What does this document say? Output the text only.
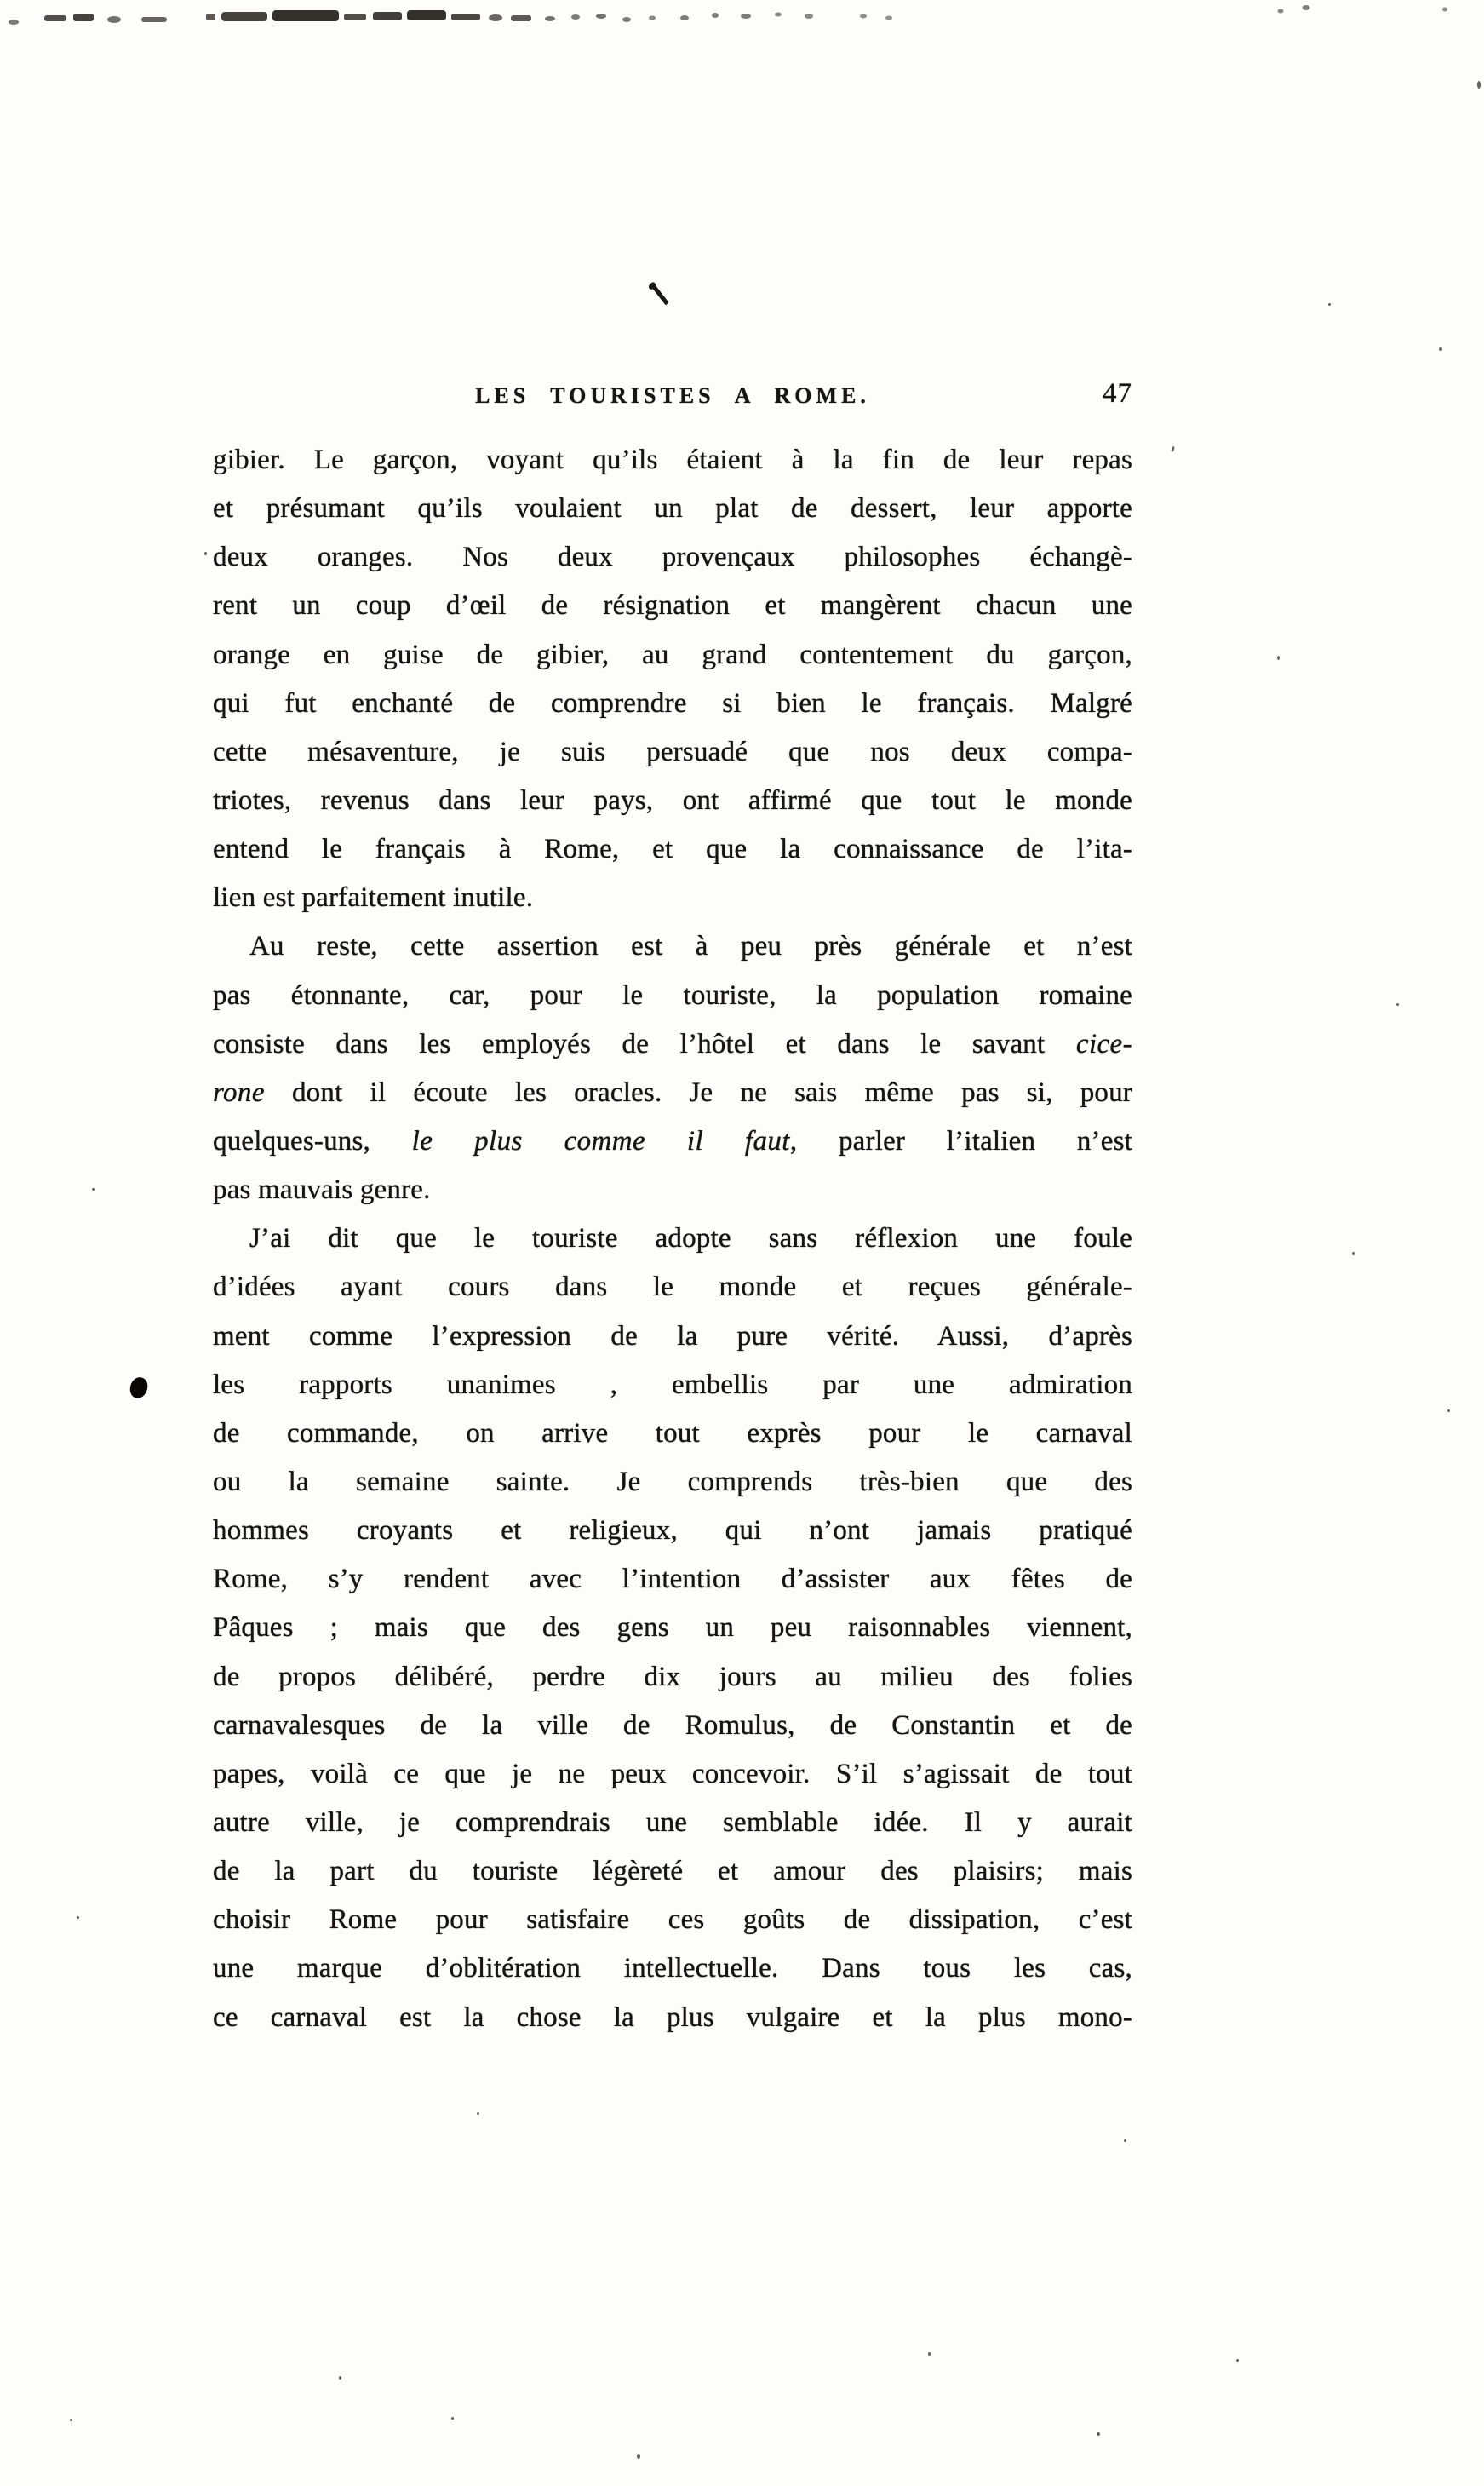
LES TOURISTES A ROME.	47
gibier. Le garçon, voyant qu’ils étaient à la fin de leur repas
et présumant qu’ils voulaient un plat de dessert, leur apporte
deux oranges. Nos deux provençaux philosophes échangè-
rent un coup d’œil de résignation et mangèrent chacun une
orange en guise de gibier, au grand contentement du garçon,
qui fut enchanté de comprendre si bien le français. Malgré
cette mésaventure, je suis persuadé que nos deux compa-
triotes, revenus dans leur pays, ont affirmé que tout le monde
entend le français à Rome, et que la connaissance de l’ita-
lien est parfaitement inutile.
Au reste, cette assertion est à peu près générale et n’est
pas étonnante, car, pour le touriste, la population romaine
consiste dans les employés de l’hôtel et dans le savant cice-
rone dont il écoute les oracles. Je ne sais même pas si, pour
quelques-uns, le plus comme il faut, parler l’italien n’est
pas mauvais genre.
J’ai dit que le touriste adopte sans réflexion une foule
d’idées ayant cours dans le monde et reçues générale-
ment comme l’expression de la pure vérité. Aussi, d’après
les rapports unanimes , embellis par une admiration
de commande, on arrive tout exprès pour le carnaval
ou la semaine sainte. Je comprends très-bien que des
hommes croyants et religieux, qui n’ont jamais pratiqué
Rome, s’y rendent avec l’intention d’assister aux fêtes de
Pâques ; mais que des gens un peu raisonnables viennent,
de propos délibéré, perdre dix jours au milieu des folies
carnavalesques de la ville de Romulus, de Constantin et de
papes, voilà ce que je ne peux concevoir. S’il s’agissait de tout
autre ville, je comprendrais une semblable idée. Il y aurait
de la part du touriste légèreté et amour des plaisirs; mais
choisir Rome pour satisfaire ces goûts de dissipation, c’est
une marque d’oblitération intellectuelle. Dans tous les cas,
ce carnaval est la chose la plus vulgaire et la plus mono-
